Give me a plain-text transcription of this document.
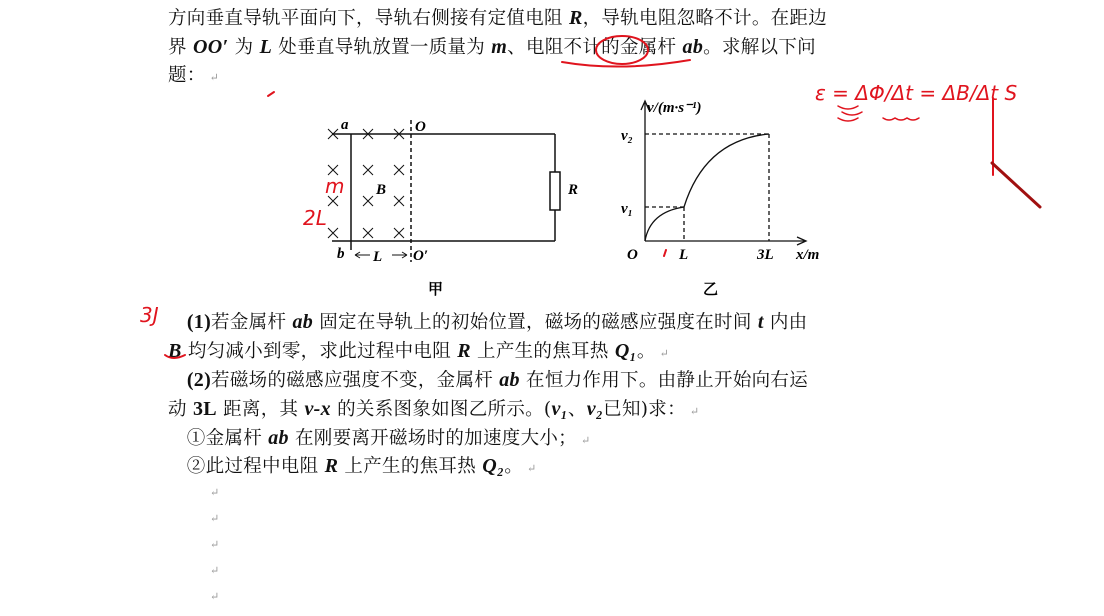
方向垂直导轨平面向下，导轨右侧接有定值电阻 R，导轨电阻忽略不计。在距边
界 OO′ 为 L 处垂直导轨放置一质量为 m、电阻不计的金属杆 ab。求解以下问
题： ↵
　(1)若金属杆 ab 固定在导轨上的初始位置，磁场的磁感应强度在时间 t 内由
B 均匀减小到零，求此过程中电阻 R 上产生的焦耳热 Q₁。 ↵
　(2)若磁场的磁感应强度不变，金属杆 ab 在恒力作用下。由静止开始向右运
动 3L 距离，其 v-x 的关系图象如图乙所示。(v₁、v₂已知)求： ↵
　①金属杆 ab 在刚要离开磁场时的加速度大小； ↵
　②此过程中电阻 R 上产生的焦耳热 Q₂。 ↵
↵
↵
↵
↵
↵
a
b
O
O′
B	R
L
甲
v/(m·s⁻¹)
x/m
v₂
v₁
O	L	3L
乙
ε = ΔΦ/Δt = ΔB/Δt S
m
2L
3J
